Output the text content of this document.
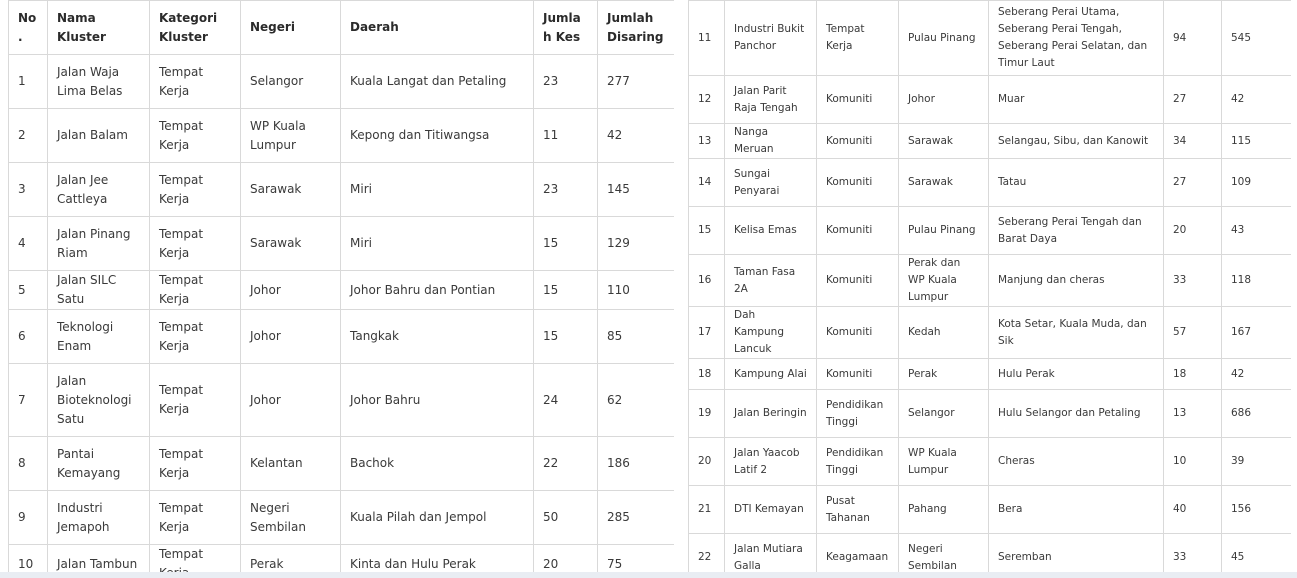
No.	Nama Kluster	Kategori Kluster	Negeri	Daerah	Jumlah Kes	Jumlah Disaring
1	Jalan Waja Lima Belas	Tempat Kerja	Selangor	Kuala Langat dan Petaling	23	277
2	Jalan Balam	Tempat Kerja	WP Kuala Lumpur	Kepong dan Titiwangsa	11	42
3	Jalan Jee Cattleya	Tempat Kerja	Sarawak	Miri	23	145
4	Jalan Pinang Riam	Tempat Kerja	Sarawak	Miri	15	129
5	Jalan SILC Satu	Tempat Kerja	Johor	Johor Bahru dan Pontian	15	110
6	Teknologi Enam	Tempat Kerja	Johor	Tangkak	15	85
7	Jalan Bioteknologi Satu	Tempat Kerja	Johor	Johor Bahru	24	62
8	Pantai Kemayang	Tempat Kerja	Kelantan	Bachok	22	186
9	Industri Jemapoh	Tempat Kerja	Negeri Sembilan	Kuala Pilah dan Jempol	50	285
10	Jalan Tambun	Tempat	Perak	Kinta dan Hulu Perak	20	75
11	Industri Bukit Panchor	Tempat Kerja	Pulau Pinang	Seberang Perai Utama, Seberang Perai Tengah, Seberang Perai Selatan, dan Timur Laut	94	545
12	Jalan Parit Raja Tengah	Komuniti	Johor	Muar	27	42
13	Nanga Meruan	Komuniti	Sarawak	Selangau, Sibu, dan Kanowit	34	115
14	Sungai Penyarai	Komuniti	Sarawak	Tatau	27	109
15	Kelisa Emas	Komuniti	Pulau Pinang	Seberang Perai Tengah dan Barat Daya	20	43
16	Taman Fasa 2A	Komuniti	Perak dan WP Kuala Lumpur	Manjung dan cheras	33	118
17	Dah Kampung Lancuk	Komuniti	Kedah	Kota Setar, Kuala Muda, dan Sik	57	167
18	Kampung Alai	Komuniti	Perak	Hulu Perak	18	42
19	Jalan Beringin	Pendidikan Tinggi	Selangor	Hulu Selangor dan Petaling	13	686
20	Jalan Yaacob Latif 2	Pendidikan Tinggi	WP Kuala Lumpur	Cheras	10	39
21	DTI Kemayan	Pusat Tahanan	Pahang	Bera	40	156
22	Jalan Mutiara Galla	Keagamaan	Negeri Sembilan	Seremban	33	45
